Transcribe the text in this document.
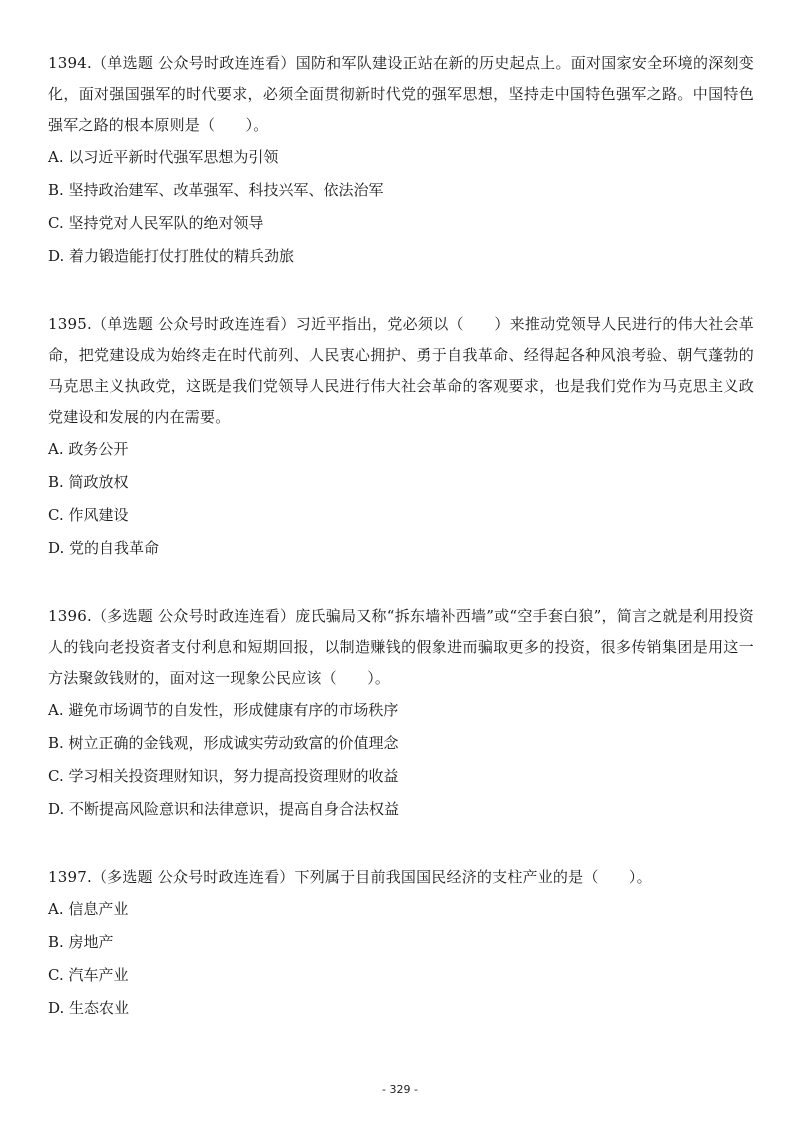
1394.（单选题 公众号时政连连看）国防和军队建设正站在新的历史起点上。面对国家安全环境的深刻变化，面对强国强军的时代要求，必须全面贯彻新时代党的强军思想，坚持走中国特色强军之路。中国特色强军之路的根本原则是（　　）。

A. 以习近平新时代强军思想为引领
B. 坚持政治建军、改革强军、科技兴军、依法治军
C. 坚持党对人民军队的绝对领导
D. 着力锻造能打仗打胜仗的精兵劲旅

1395.（单选题 公众号时政连连看）习近平指出，党必须以（　　）来推动党领导人民进行的伟大社会革命，把党建设成为始终走在时代前列、人民衷心拥护、勇于自我革命、经得起各种风浪考验、朝气蓬勃的马克思主义执政党，这既是我们党领导人民进行伟大社会革命的客观要求，也是我们党作为马克思主义政党建设和发展的内在需要。

A. 政务公开
B. 简政放权
C. 作风建设
D. 党的自我革命

1396.（多选题 公众号时政连连看）庞氏骗局又称“拆东墙补西墙”或“空手套白狼”，简言之就是利用投资人的钱向老投资者支付利息和短期回报，以制造赚钱的假象进而骗取更多的投资，很多传销集团是用这一方法聚敛钱财的，面对这一现象公民应该（　　）。

A. 避免市场调节的自发性，形成健康有序的市场秩序
B. 树立正确的金钱观，形成诚实劳动致富的价值理念
C. 学习相关投资理财知识，努力提高投资理财的收益
D. 不断提高风险意识和法律意识，提高自身合法权益

1397.（多选题 公众号时政连连看）下列属于目前我国国民经济的支柱产业的是（　　）。

A. 信息产业
B. 房地产
C. 汽车产业
D. 生态农业
- 329 -
